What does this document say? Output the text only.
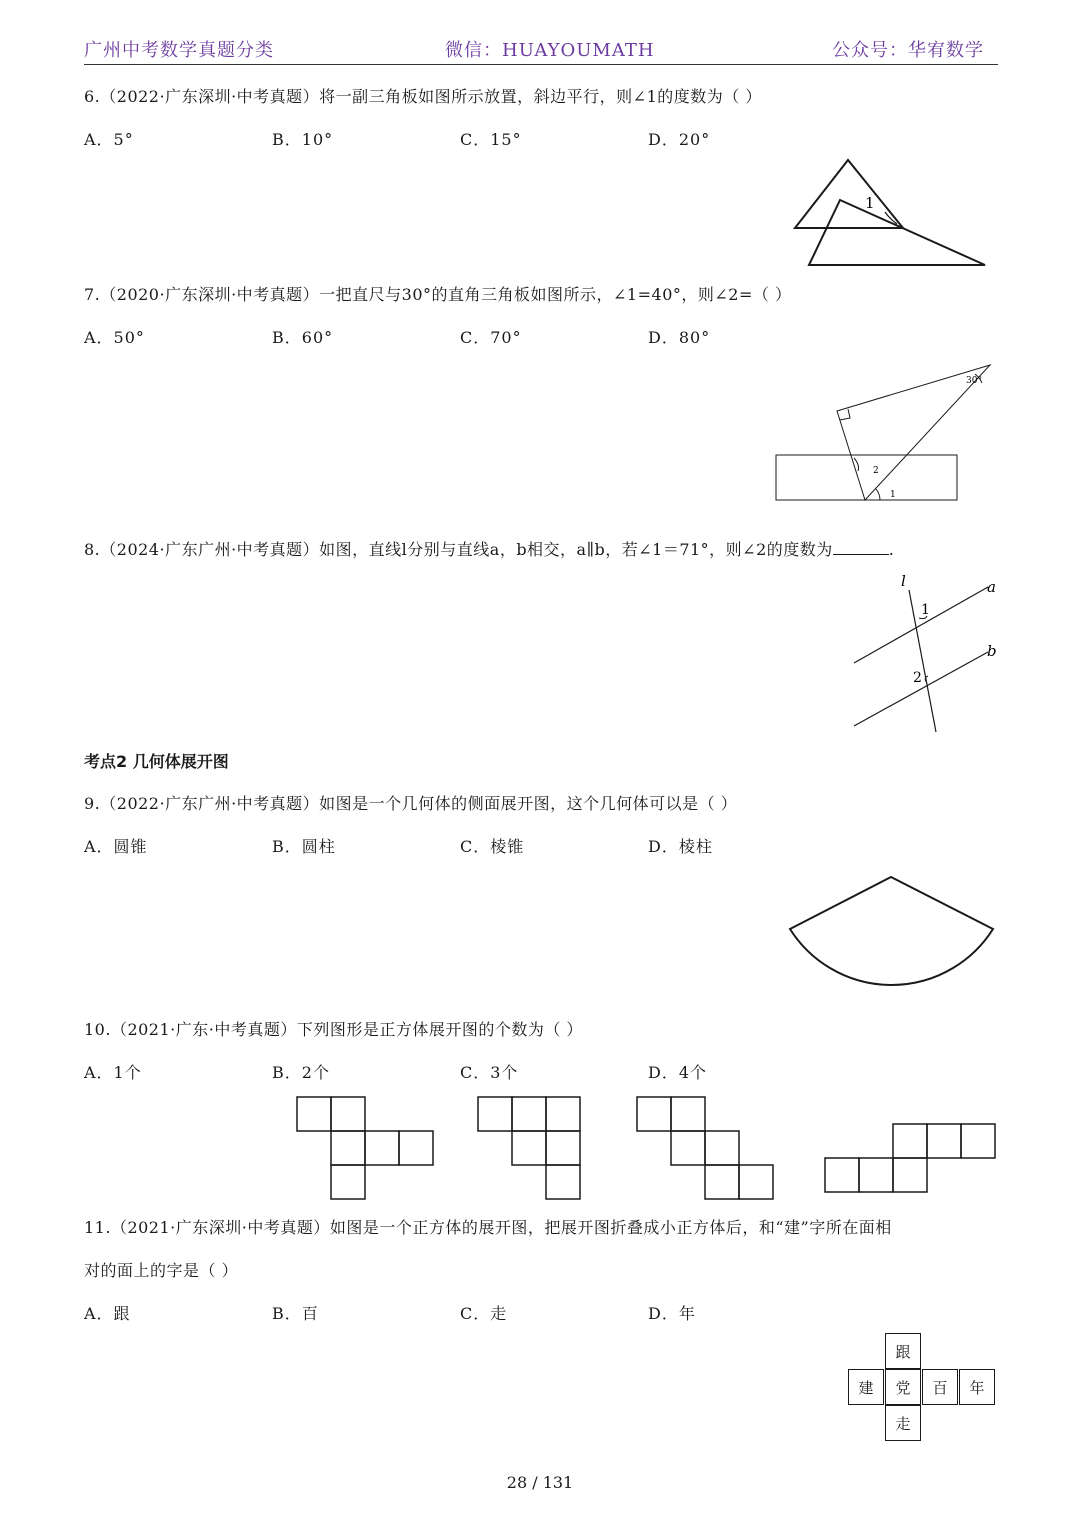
广州中考数学真题分类	微信：HUAYOUMATH	公众号：华宥数学
6.（2022·广东深圳·中考真题）将一副三角板如图所示放置，斜边平行，则∠1的度数为（ ）
A．5°	B．10°	C．15°	D．20°
1
7.（2020·广东深圳·中考真题）一把直尺与30°的直角三角板如图所示，∠1=40°，则∠2=（ ）
A．50°	B．60°	C．70°	D．80°
30°
2
1
8.（2024·广东广州·中考真题）如图，直线l分别与直线a，b相交，a∥b，若∠1＝71°，则∠2的度数为	.
l	a
b
1
2
考点2 几何体展开图
9.（2022·广东广州·中考真题）如图是一个几何体的侧面展开图，这个几何体可以是（ ）
A．圆锥	B．圆柱	C．棱锥	D．棱柱
10.（2021·广东·中考真题）下列图形是正方体展开图的个数为（ ）
A．1个	B．2个	C．3个	D．4个
11.（2021·广东深圳·中考真题）如图是一个正方体的展开图，把展开图折叠成小正方体后，和“建”字所在面相
对的面上的字是（ ）
A．跟	B．百	C．走	D．年
跟
建	党	百	年
走
28 / 131
